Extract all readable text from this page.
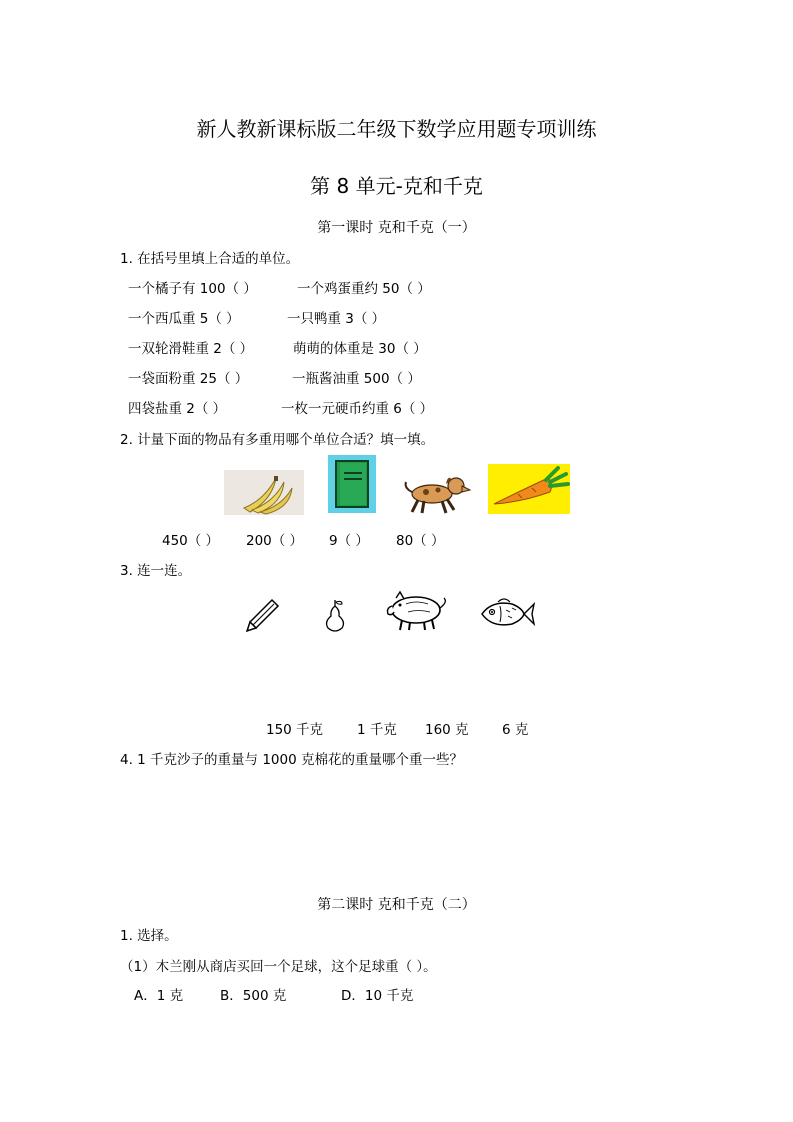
新人教新课标版二年级下数学应用题专项训练
第 8 单元-克和千克
第一课时 克和千克（一）
1. 在括号里填上合适的单位。
一个橘子有 100（ ）	一个鸡蛋重约 50（ ）
一个西瓜重 5（ ）	一只鸭重 3（ ）
一双轮滑鞋重 2（ ）	萌萌的体重是 30（ ）
一袋面粉重 25（ ）	一瓶酱油重 500（ ）
四袋盐重 2（ ）	一枚一元硬币约重 6（ ）
2. 计量下面的物品有多重用哪个单位合适？填一填。
450（ ） 200（ ） 9（ ） 80（ ）
3. 连一连。
150 千克	1 千克 160 克 6 克
4. 1 千克沙子的重量与 1000 克棉花的重量哪个重一些？
第二课时 克和千克（二）
1. 选择。
（1）木兰刚从商店买回一个足球，这个足球重（ ）。
A．1 克	B．500 克	D．10 千克
